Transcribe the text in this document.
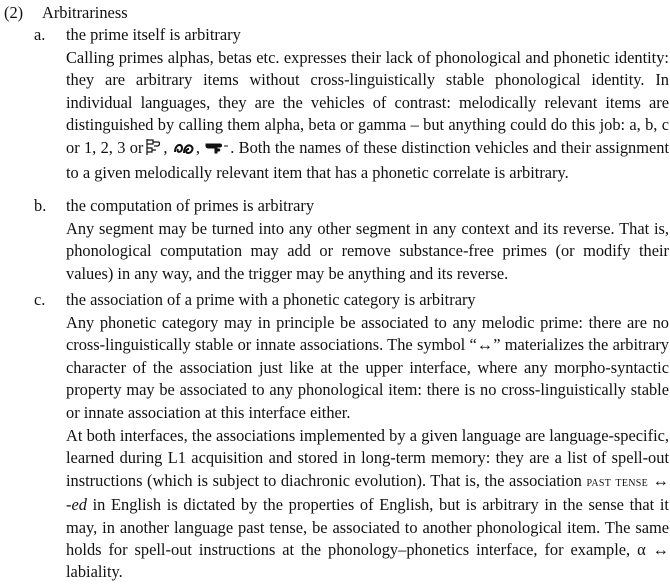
(2) Arbitrariness
a. the prime itself is arbitrary

Calling primes alphas, betas etc. expresses their lack of phonological and phonetic identity: they are arbitrary items without cross-linguistically stable phonological identity. In individual languages, they are the vehicles of contrast: melodically relevant items are distinguished by calling them alpha, beta or gamma – but anything could do this job: a, b, c or 1, 2, 3 or , , . Both the names of these distinction vehicles and their assignment to a given melodically relevant item that has a phonetic correlate is arbitrary.

b. the computation of primes is arbitrary

Any segment may be turned into any other segment in any context and its reverse. That is, phonological computation may add or remove substance-free primes (or modify their values) in any way, and the trigger may be anything and its reverse.

c. the association of a prime with a phonetic category is arbitrary

Any phonetic category may in principle be associated to any melodic prime: there are no cross-linguistically stable or innate associations. The symbol “↔” materializes the arbitrary character of the association just like at the upper interface, where any morpho-syntactic property may be associated to any phonological item: there is no cross-linguistically stable or innate association at this interface either.

At both interfaces, the associations implemented by a given language are language-specific, learned during L1 acquisition and stored in long-term memory: they are a list of spell-out instructions (which is subject to diachronic evolution). That is, the association past tense ↔ -ed in English is dictated by the properties of English, but is arbitrary in the sense that it may, in another language past tense, be associated to another phonological item. The same holds for spell-out instructions at the phonology–phonetics interface, for example, α ↔ labiality.
